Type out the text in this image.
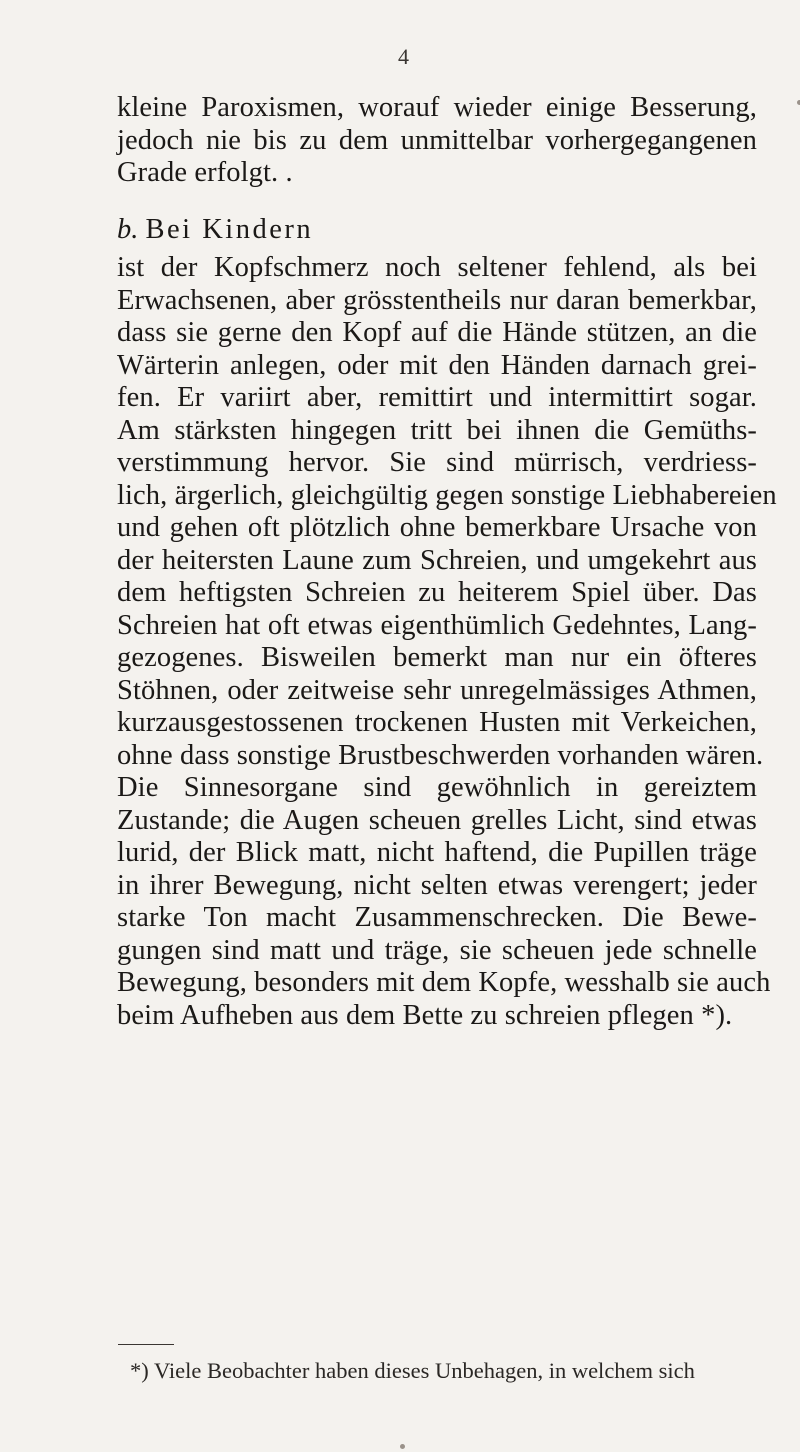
4
kleine Paroxismen, worauf wieder einige Besserung,
jedoch nie bis zu dem unmittelbar vorhergegangenen
Grade erfolgt. .
b. Bei Kindern
ist der Kopfschmerz noch seltener fehlend, als bei
Erwachsenen, aber grösstentheils nur daran bemerkbar,
dass sie gerne den Kopf auf die Hände stützen, an die
Wärterin anlegen, oder mit den Händen darnach grei-
fen. Er variirt aber, remittirt und intermittirt sogar.
Am stärksten hingegen tritt bei ihnen die Gemüths-
verstimmung hervor. Sie sind mürrisch, verdriess-
lich, ärgerlich, gleichgültig gegen sonstige Liebhabereien
und gehen oft plötzlich ohne bemerkbare Ursache von
der heitersten Laune zum Schreien, und umgekehrt aus
dem heftigsten Schreien zu heiterem Spiel über. Das
Schreien hat oft etwas eigenthümlich Gedehntes, Lang-
gezogenes. Bisweilen bemerkt man nur ein öfteres
Stöhnen, oder zeitweise sehr unregelmässiges Athmen,
kurzausgestossenen trockenen Husten mit Verkeichen,
ohne dass sonstige Brustbeschwerden vorhanden wären.
Die Sinnesorgane sind gewöhnlich in gereiztem
Zustande; die Augen scheuen grelles Licht, sind etwas
lurid, der Blick matt, nicht haftend, die Pupillen träge
in ihrer Bewegung, nicht selten etwas verengert; jeder
starke Ton macht Zusammenschrecken. Die Bewe-
gungen sind matt und träge, sie scheuen jede schnelle
Bewegung, besonders mit dem Kopfe, wesshalb sie auch
beim Aufheben aus dem Bette zu schreien pflegen *).
*) Viele Beobachter haben dieses Unbehagen, in welchem sich
